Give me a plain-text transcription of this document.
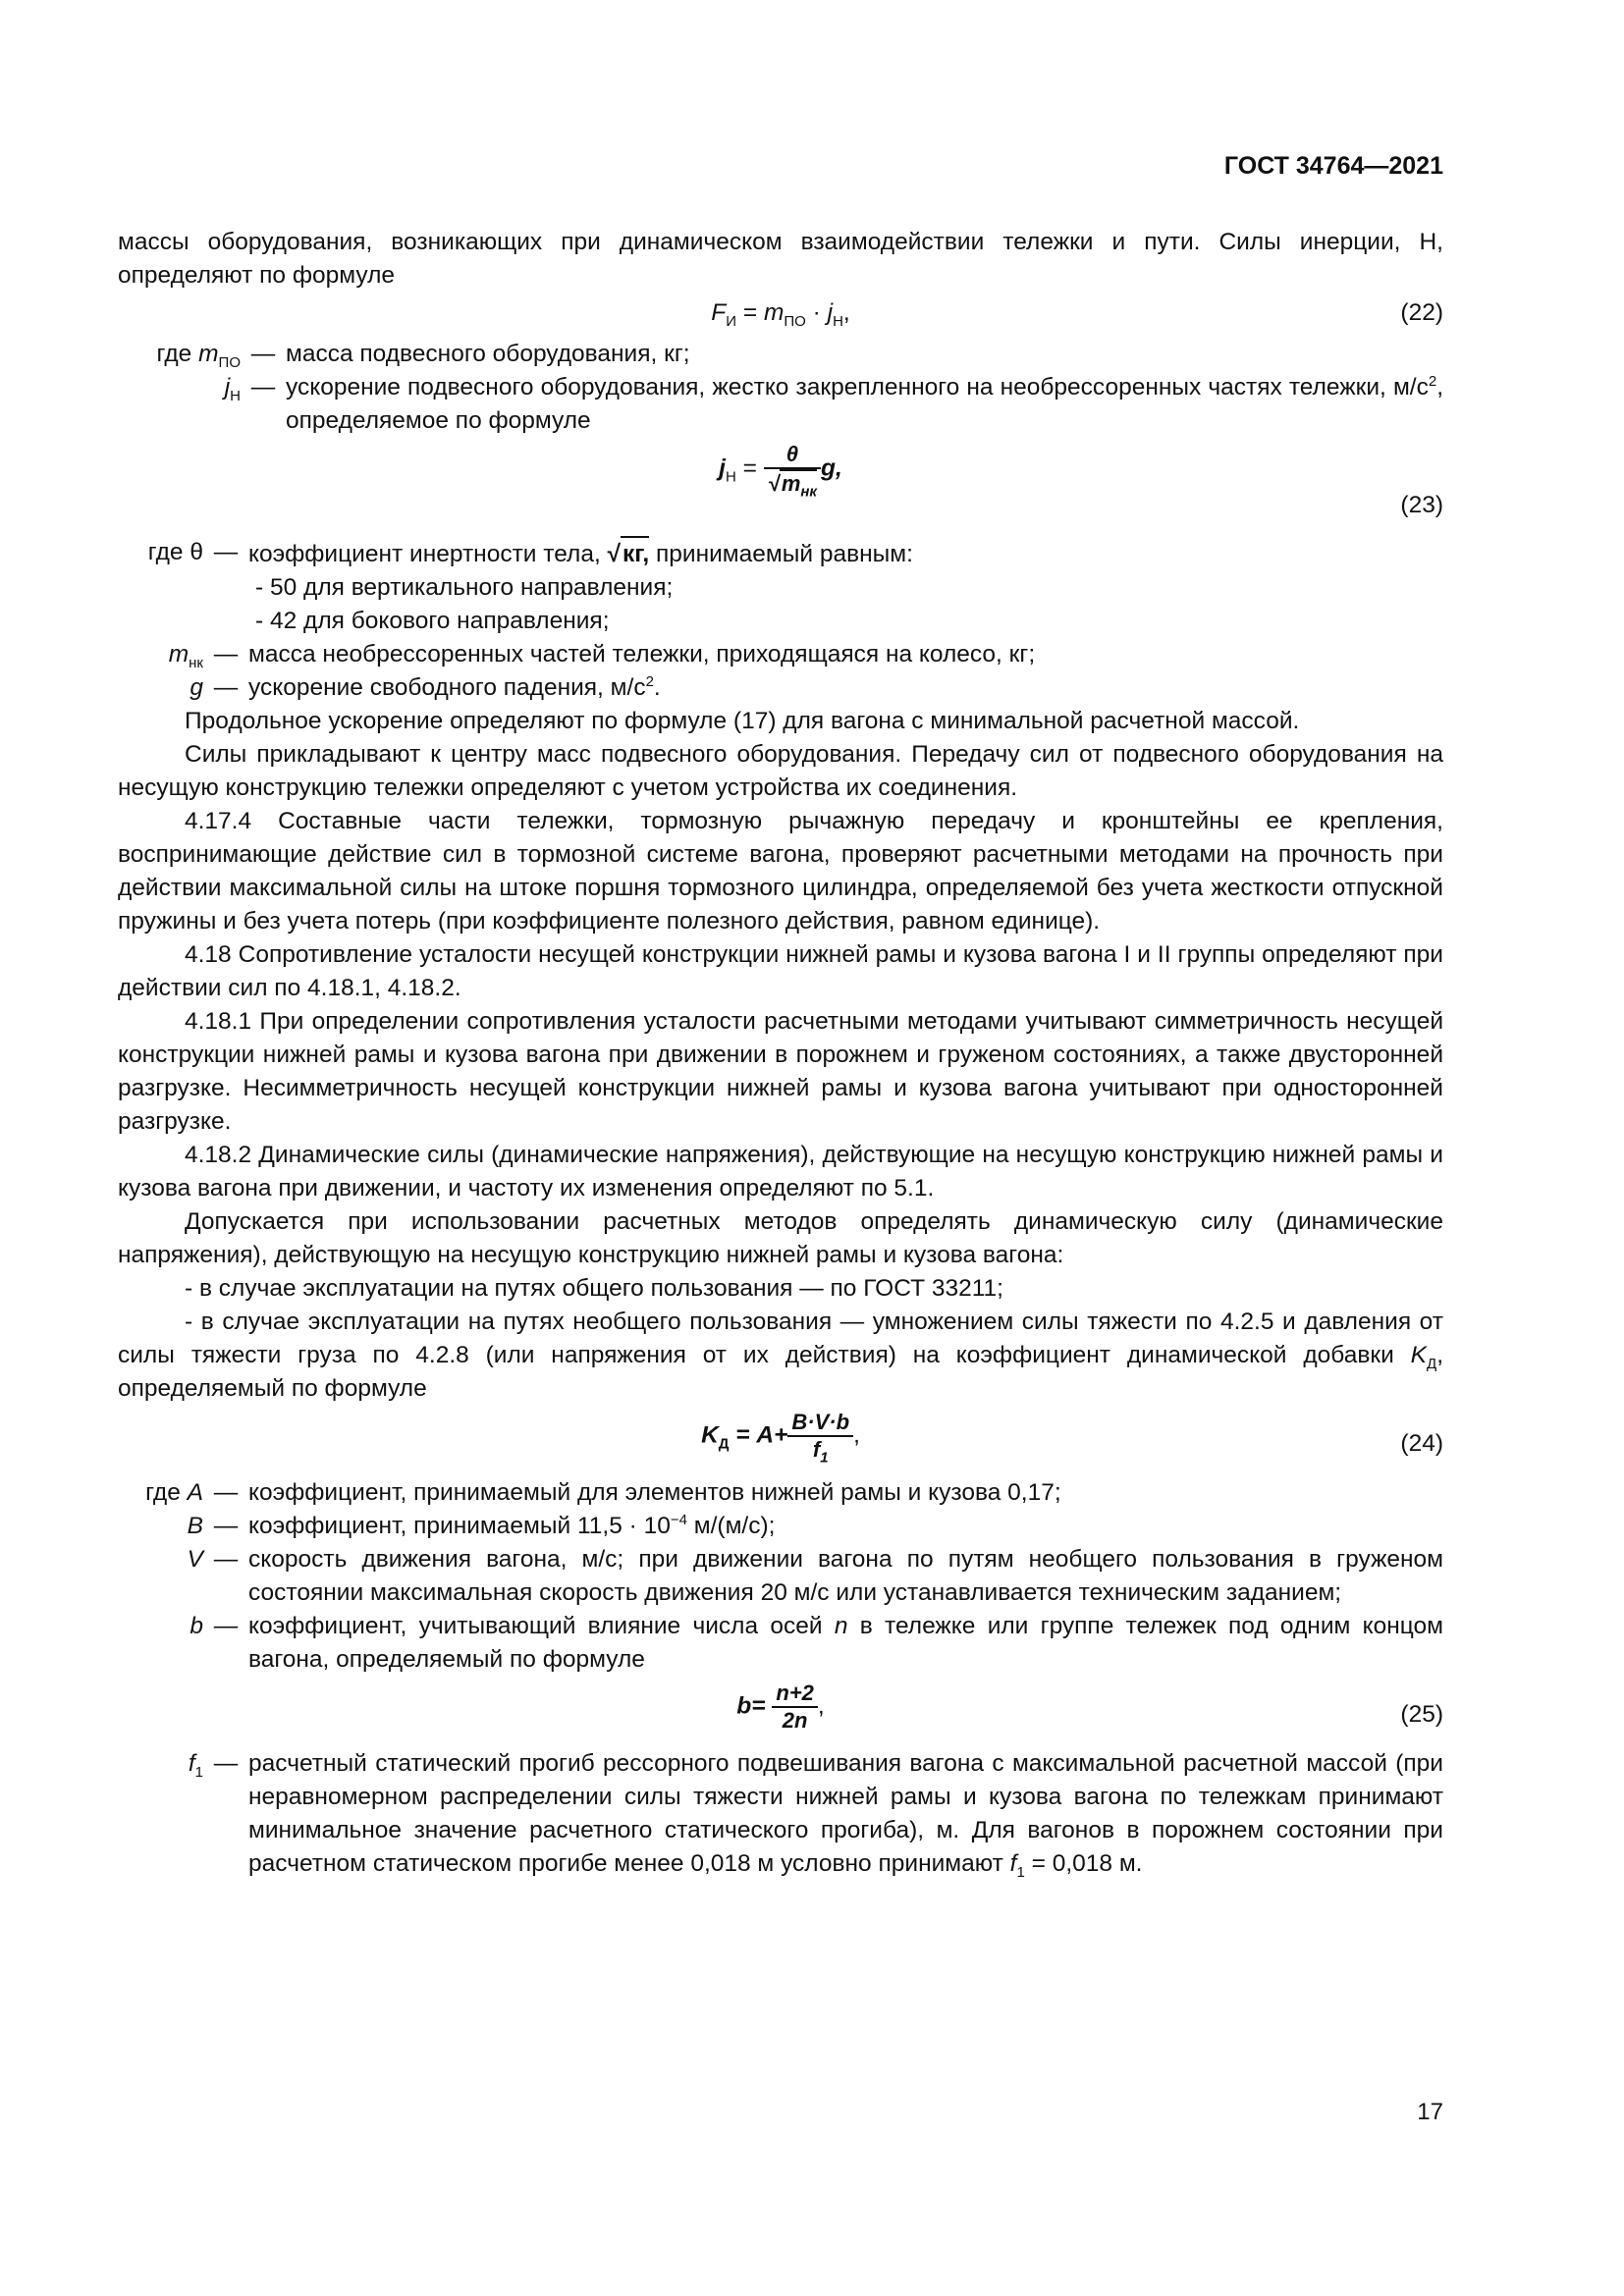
ГОСТ 34764—2021
массы оборудования, возникающих при динамическом взаимодействии тележки и пути. Силы инерции, Н, определяют по формуле
$F_И = m_{ПО} \cdot j_Н$,	(22)
где $m_{ПО}$ — масса подвесного оборудования, кг;
$j_Н$ — ускорение подвесного оборудования, жестко закрепленного на необрессоренных частях тележки, $м/с^2$, определяемое по формуле
$j_Н = \frac{\theta}{√m_{нк}} g$,
(23)
где θ — коэффициент инертности тела, √кг, принимаемый равным:
- 50 для вертикального направления;
- 42 для бокового направления;
$m_{нк}$ — масса необрессоренных частей тележки, приходящаяся на колесо, кг;
g — ускорение свободного падения, $м/с^2$.
Продольное ускорение определяют по формуле (17) для вагона с минимальной расчетной массой.
Силы прикладывают к центру масс подвесного оборудования. Передачу сил от подвесного оборудования на несущую конструкцию тележки определяют с учетом устройства их соединения.
4.17.4 Составные части тележки, тормозную рычажную передачу и кронштейны ее крепления, воспринимающие действие сил в тормозной системе вагона, проверяют расчетными методами на прочность при действии максимальной силы на штоке поршня тормозного цилиндра, определяемой без учета жесткости отпускной пружины и без учета потерь (при коэффициенте полезного действия, равном единице).
4.18 Сопротивление усталости несущей конструкции нижней рамы и кузова вагона I и II группы определяют при действии сил по 4.18.1, 4.18.2.
4.18.1 При определении сопротивления усталости расчетными методами учитывают симметричность несущей конструкции нижней рамы и кузова вагона при движении в порожнем и груженом состояниях, а также двусторонней разгрузке. Несимметричность несущей конструкции нижней рамы и кузова вагона учитывают при односторонней разгрузке.
4.18.2 Динамические силы (динамические напряжения), действующие на несущую конструкцию нижней рамы и кузова вагона при движении, и частоту их изменения определяют по 5.1.
Допускается при использовании расчетных методов определять динамическую силу (динамические напряжения), действующую на несущую конструкцию нижней рамы и кузова вагона:
- в случае эксплуатации на путях общего пользования — по ГОСТ 33211;
- в случае эксплуатации на путях необщего пользования — умножением силы тяжести по 4.2.5 и давления от силы тяжести груза по 4.2.8 (или напряжения от их действия) на коэффициент динамической добавки $K_Д$, определяемый по формуле
$K_Д = A+ \frac{B\cdot V\cdot b}{f_1}$ ,	(24)
где A — коэффициент, принимаемый для элементов нижней рамы и кузова 0,17;
B — коэффициент, принимаемый $11,5 \cdot 10^{-4}$ м/(м/с);
V — скорость движения вагона, м/с; при движении вагона по путям необщего пользования в груженом состоянии максимальная скорость движения 20 м/с или устанавливается техническим заданием;
b — коэффициент, учитывающий влияние числа осей n в тележке или группе тележек под одним концом вагона, определяемый по формуле
$b= \frac{n+2}{2n}$ ,	(25)
$f_1$ — расчетный статический прогиб рессорного подвешивания вагона с максимальной расчетной массой (при неравномерном распределении силы тяжести нижней рамы и кузова вагона по тележкам принимают минимальное значение расчетного статического прогиба), м. Для вагонов в порожнем состоянии при расчетном статическом прогибе менее 0,018 м условно принимают $f_1 = 0,018$ м.
17
